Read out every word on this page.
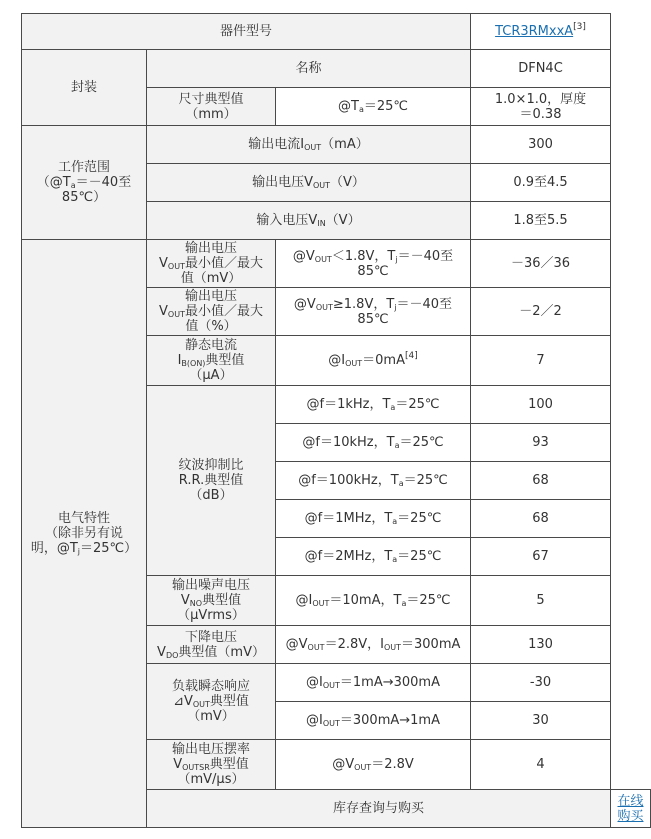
器件型号			TCR3RMxxA[3]
封装	名称		DFN4C	
	尺寸典型值
（mm）	$@T_a=25℃$	1.0×1.0，厚度
＝0.38	
工作范围
（$@T_a=-40$至
85℃）	输出电流$I_{OUT}(mA)$		300	
	输出电压$V_{OUT}(V)$		0.9至4.5	
	输入电压$V_{IN}(V)$		1.8至5.5	
电气特性
（除非另有说
明，$@T_j=25℃$）	输出电压
$V_{OUT}$最小值／最大
值（mV）	$@V_{OUT}<1.8V$，$T_j=-40$至
85℃	－36／36	
	输出电压
$V_{OUT}$最小值／最大
值（%）	$@V_{OUT}\ge 1.8V$，$T_j=-40$至
85℃	－2／2	
	静态电流
$I_{B(ON)}$典型值
（μA）	$@I_{OUT}=0mA[4]$	7	
	纹波抑制比
R.R.典型值
（dB）	@f＝1kHz，$T_a=25℃$	100	
		@f＝10kHz，$T_a=25℃$	93	
		@f＝100kHz，$T_a=25℃$	68	
		@f＝1MHz，$T_a=25℃$	68	
		@f＝2MHz，$T_a=25℃$	67	
	输出噪声电压
$V_{NO}$典型值
（μVrms）	$@I_{OUT}=10mA$，$T_a=25℃$	5	
	下降电压
$V_{DO}$典型值（mV）	$@V_{OUT}=2.8V$，$I_{OUT}=300mA$	130	
	负载瞬态响应
$⊿V_{OUT}$典型值
（mV）	$@I_{OUT}=1mA\to 300mA$	-30	
		$@I_{OUT}=300mA\to 1mA$	30	
	输出电压摆率
$V_{OUTSR}$典型值
（mV/μs）	$@V_{OUT}=2.8V$	4	
	库存查询与购买			在线购买
